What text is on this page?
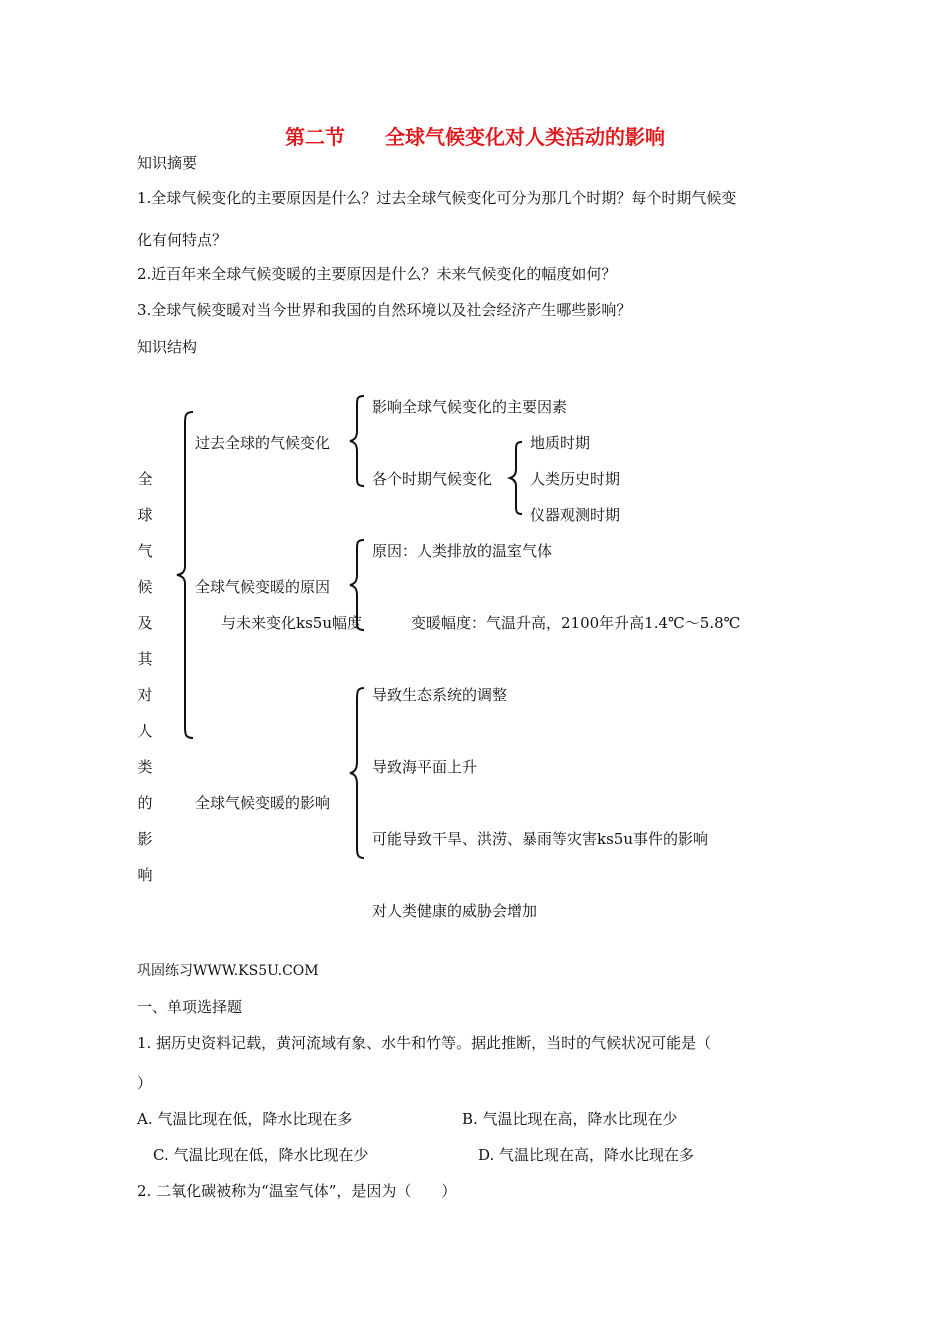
第二节 全球气候变化对人类活动的影响
知识摘要
1.全球气候变化的主要原因是什么？过去全球气候变化可分为那几个时期？每个时期气候变
化有何特点？
2.近百年来全球气候变暖的主要原因是什么？未来气候变化的幅度如何？
3.全球气候变暖对当今世界和我国的自然环境以及社会经济产生哪些影响？
知识结构
全
球
气
候
及
其
对
人
类
的
影
响
过去全球的气候变化
影响全球气候变化的主要因素
各个时期气候变化
地质时期
人类历史时期
仪器观测时期
全球气候变暖的原因
与未来变化ks5u幅度
原因：人类排放的温室气体
变暖幅度：气温升高，2100年升高1.4℃～5.8℃
全球气候变暖的影响
导致生态系统的调整
导致海平面上升
可能导致干旱、洪涝、暴雨等灾害ks5u事件的影响
对人类健康的威胁会增加
巩固练习WWW.KS5U.COM
一、单项选择题
1. 据历史资料记载，黄河流域有象、水牛和竹等。据此推断，当时的气候状况可能是（
）
A. 气温比现在低，降水比现在多	B. 气温比现在高，降水比现在少
C. 气温比现在低，降水比现在少	D. 气温比现在高，降水比现在多
2. 二氧化碳被称为“温室气体”，是因为（　　）
